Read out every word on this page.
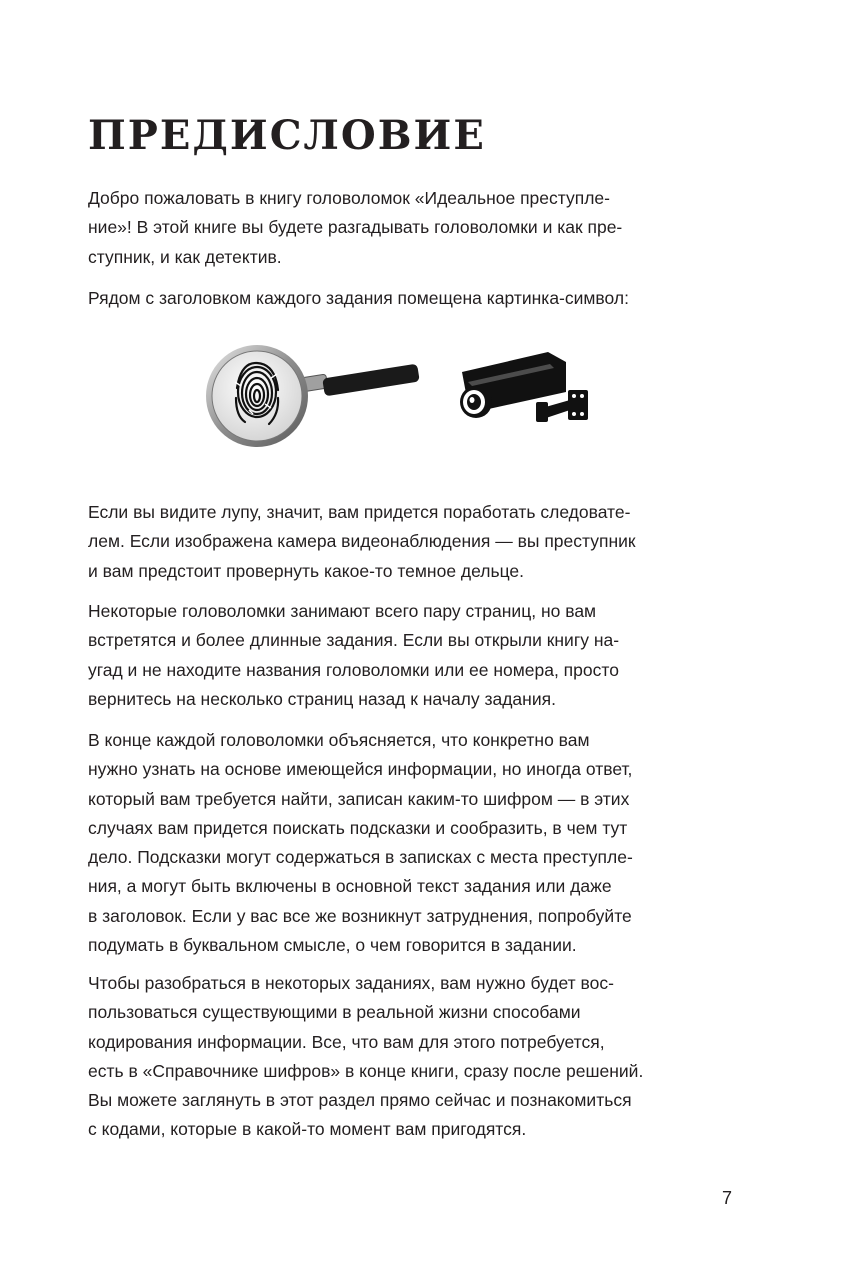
ПРЕДИСЛОВИЕ

Добро пожаловать в книгу головоломок «Идеальное преступле-
ние»! В этой книге вы будете разгадывать головоломки и как пре-
ступник, и как детектив.

Рядом с заголовком каждого задания помещена картинка-символ:

Если вы видите лупу, значит, вам придется поработать следовате-
лем. Если изображена камера видеонаблюдения — вы преступник
и вам предстоит провернуть какое-то темное дельце.

Некоторые головоломки занимают всего пару страниц, но вам
встретятся и более длинные задания. Если вы открыли книгу на-
угад и не находите названия головоломки или ее номера, просто
вернитесь на несколько страниц назад к началу задания.

В конце каждой головоломки объясняется, что конкретно вам
нужно узнать на основе имеющейся информации, но иногда ответ,
который вам требуется найти, записан каким-то шифром — в этих
случаях вам придется поискать подсказки и сообразить, в чем тут
дело. Подсказки могут содержаться в записках с места преступле-
ния, а могут быть включены в основной текст задания или даже
в заголовок. Если у вас все же возникнут затруднения, попробуйте
подумать в буквальном смысле, о чем говорится в задании.

Чтобы разобраться в некоторых заданиях, вам нужно будет вос-
пользоваться существующими в реальной жизни способами
кодирования информации. Все, что вам для этого потребуется,
есть в «Справочнике шифров» в конце книги, сразу после решений.
Вы можете заглянуть в этот раздел прямо сейчас и познакомиться
с кодами, которые в какой-то момент вам пригодятся.

7
